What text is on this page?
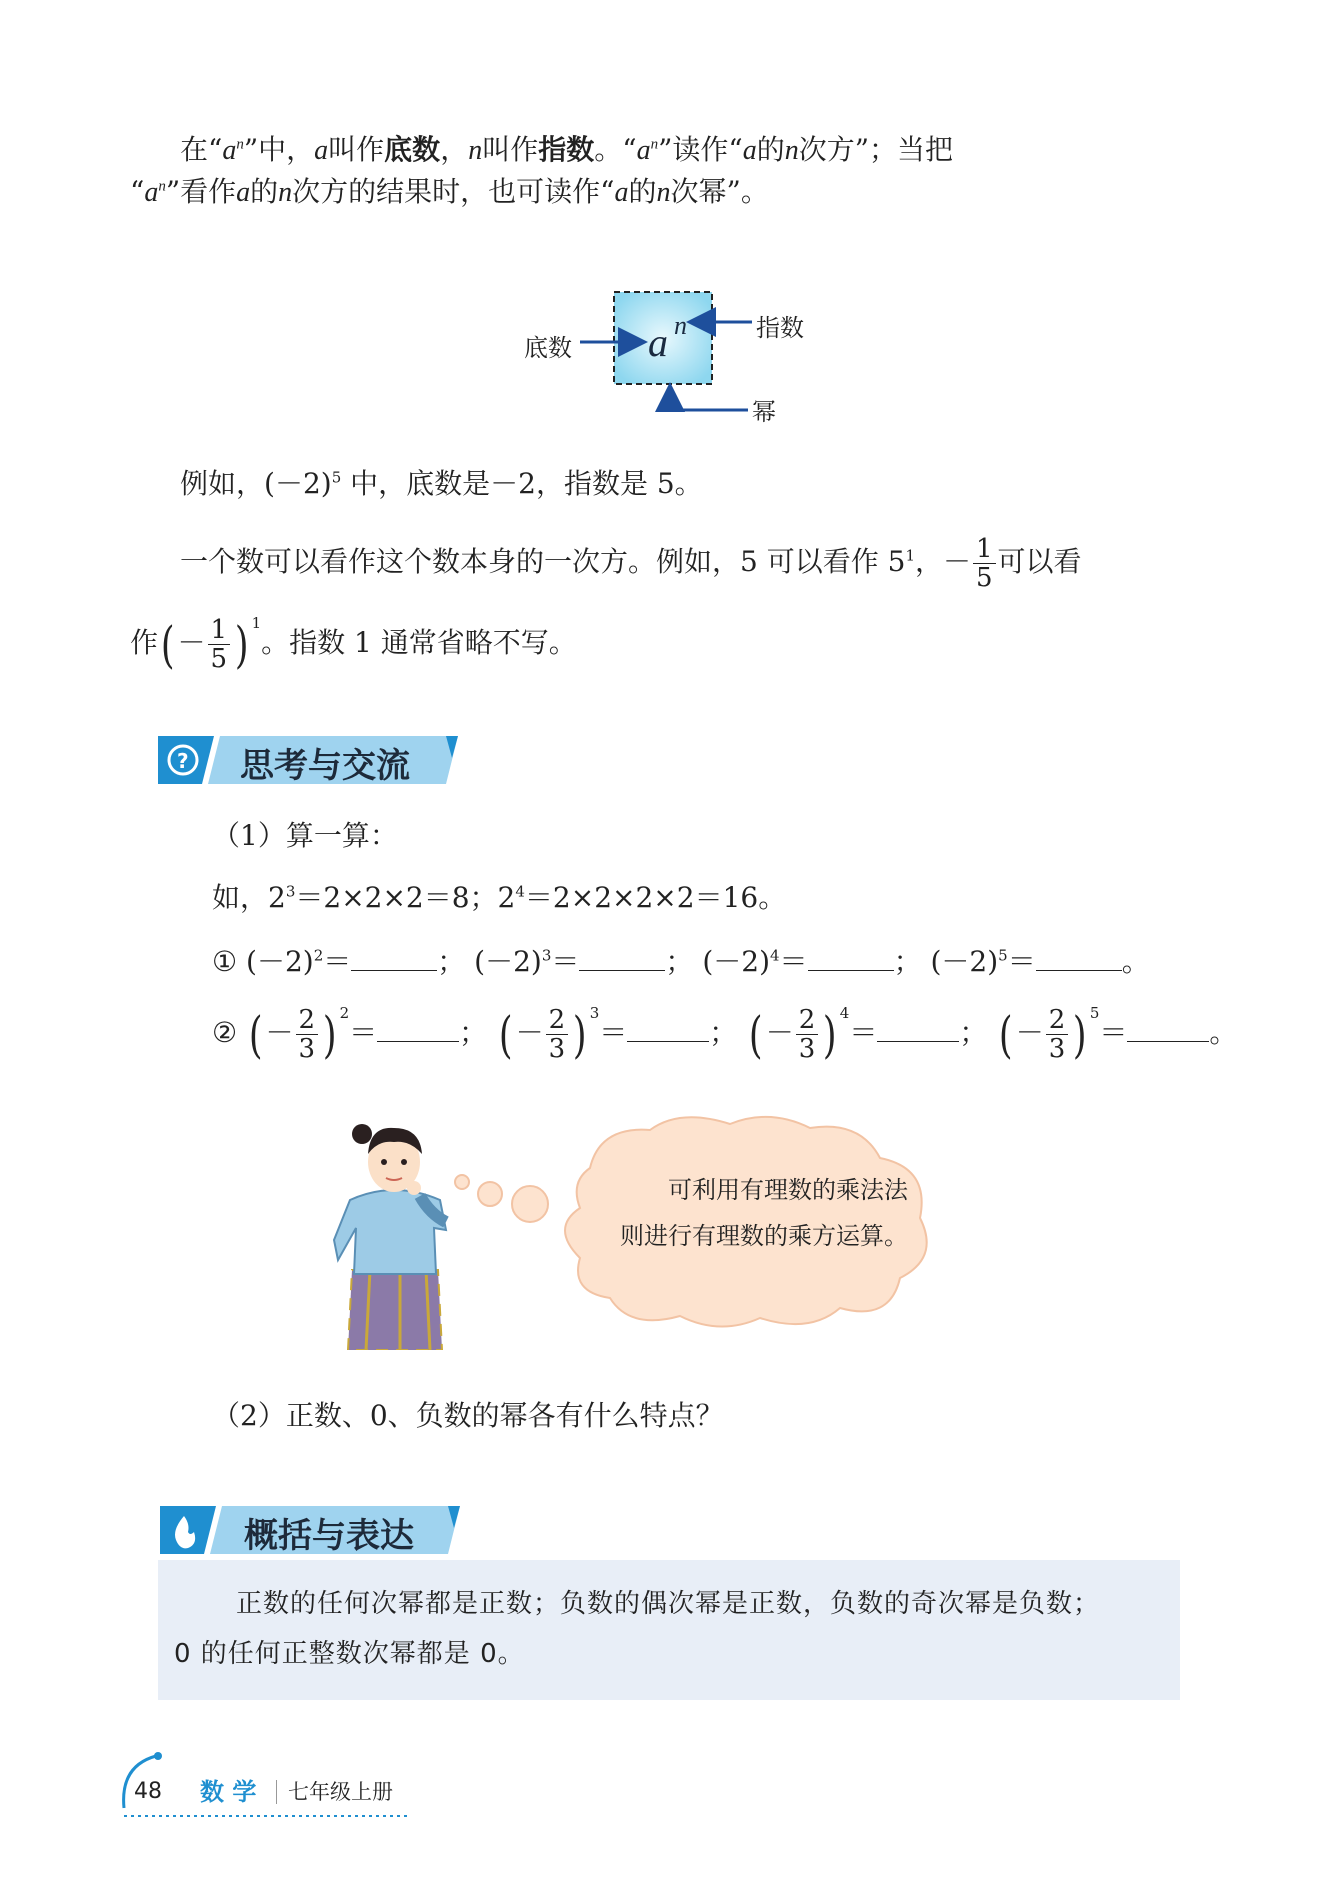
在“$a^n$”中，a叫作底数，n叫作指数。“$a^n$”读作“a的n次方”；当把
“$a^n$”看作a的n次方的结果时，也可读作“a的n次幂”。
a n
底数
指数
幂
例如，$(-2)^5$ 中，底数是－2，指数是 5。
一个数可以看作这个数本身的一次方。例如，5 可以看作 $5^1$，－ $\frac{1}{5}$ 可以看
作( － $\frac{1}{5}$ ) $^1$。指数 1 通常省略不写。
? 思考与交流
（1）算一算：
如，$2^3=2\times 2\times 2=8$；$2^4=2\times 2\times 2\times 2=16$。
① $(-2)^2=$	； $(-2)^3=$	； $(-2)^4=$	； $(-2)^5=$	。
② ( － $\frac{2}{3}$ ) $^2$＝	； ( － $\frac{2}{3}$ ) $^3$＝	； ( － $\frac{2}{3}$ ) $^4$＝	； ( － $\frac{2}{3}$ ) $^5$＝	。
可利用有理数的乘法法
则进行有理数的乘方运算。
（2）正数、0、负数的幂各有什么特点？
概括与表达
正数的任何次幂都是正数；负数的偶次幂是正数，负数的奇次幂是负数；
0 的任何正整数次幂都是 0。
48 数 学 七年级上册
